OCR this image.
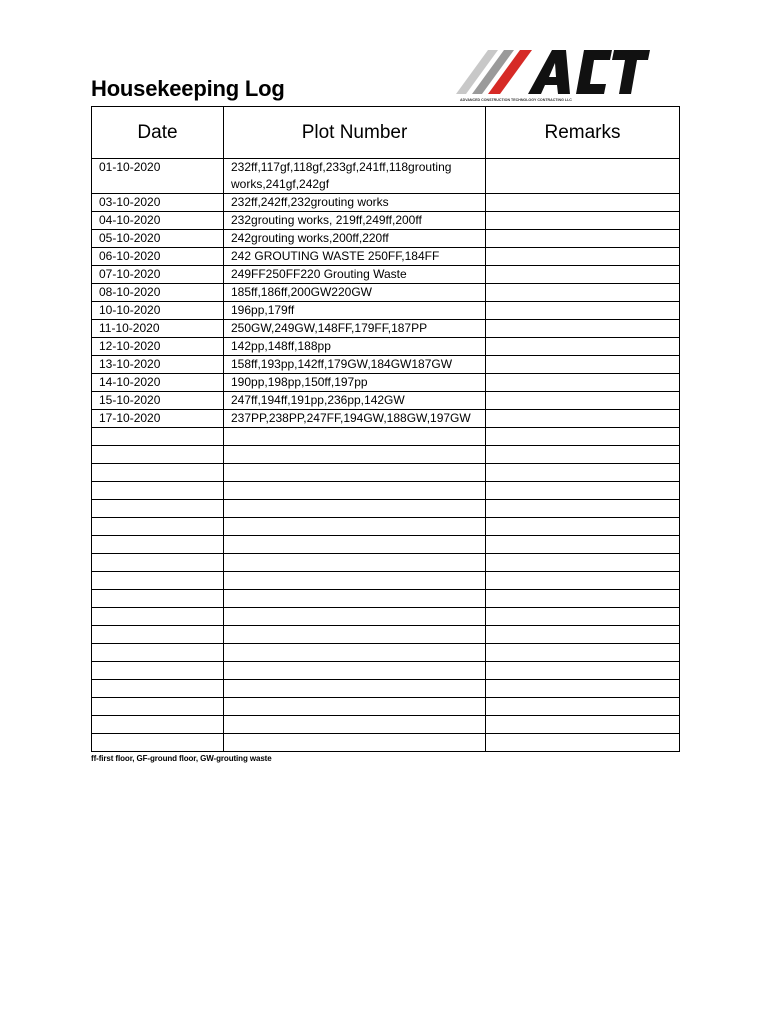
Housekeeping Log	ADVANCED CONSTRUCTION TECHNOLOGY CONTRACTING LLC
Date	Plot Number	Remarks
01-10-2020	232ff,117gf,118gf,233gf,241ff,118grouting works,241gf,242gf	
03-10-2020	232ff,242ff,232grouting works	
04-10-2020	232grouting works, 219ff,249ff,200ff	
05-10-2020	242grouting works,200ff,220ff	
06-10-2020	242 GROUTING WASTE 250FF,184FF	
07-10-2020	249FF250FF220 Grouting Waste	
08-10-2020	185ff,186ff,200GW220GW	
10-10-2020	196pp,179ff	
11-10-2020	250GW,249GW,148FF,179FF,187PP	
12-10-2020	142pp,148ff,188pp	
13-10-2020	158ff,193pp,142ff,179GW,184GW187GW	
14-10-2020	190pp,198pp,150ff,197pp	
15-10-2020	247ff,194ff,191pp,236pp,142GW	
17-10-2020	237PP,238PP,247FF,194GW,188GW,197GW	

ff-first floor, GF-ground floor, GW-grouting waste
